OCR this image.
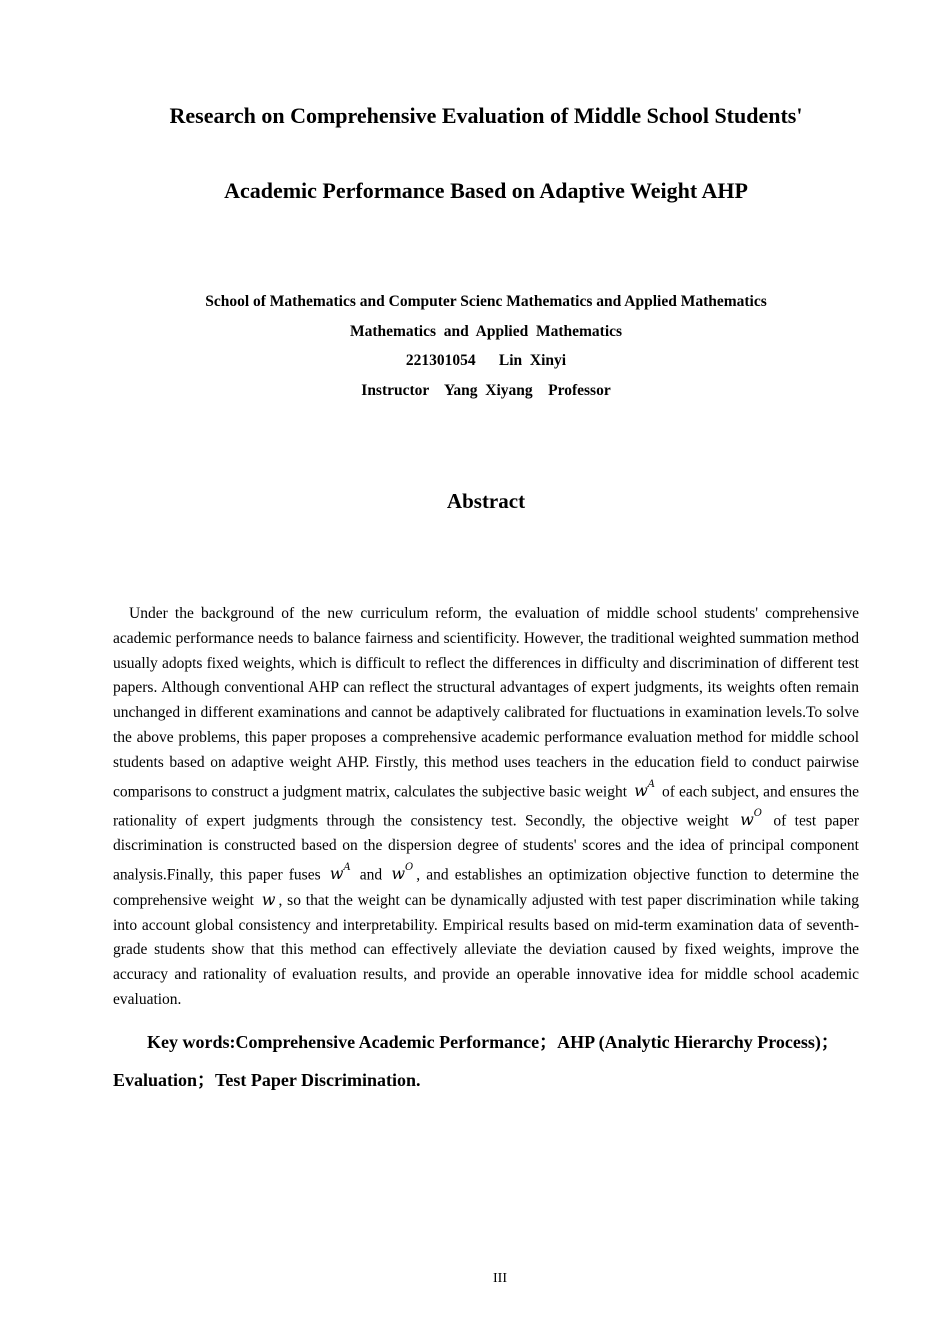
Research on Comprehensive Evaluation of Middle School Students'
Academic Performance Based on Adaptive Weight AHP
School of Mathematics and Computer Scienc Mathematics and Applied Mathematics
Mathematics  and  Applied  Mathematics
221301054      Lin  Xinyi
Instructor    Yang  Xiyang    Professor
Abstract

Under the background of the new curriculum reform, the evaluation of middle school students' comprehensive academic performance needs to balance fairness and scientificity. However, the traditional weighted summation method usually adopts fixed weights, which is difficult to reflect the differences in difficulty and discrimination of different test papers. Although conventional AHP can reflect the structural advantages of expert judgments, its weights often remain unchanged in different examinations and cannot be adaptively calibrated for fluctuations in examination levels.To solve the above problems, this paper proposes a comprehensive academic performance evaluation method for middle school students based on adaptive weight AHP. Firstly, this method uses teachers in the education field to conduct pairwise comparisons to construct a judgment matrix, calculates the subjective basic weight $w^A$ of each subject, and ensures the rationality of expert judgments through the consistency test. Secondly, the objective weight $w^O$ of test paper discrimination is constructed based on the dispersion degree of students' scores and the idea of principal component analysis.Finally, this paper fuses $w^A$ and $w^O$ , and establishes an optimization objective function to determine the comprehensive weight w , so that the weight can be dynamically adjusted with test paper discrimination while taking into account global consistency and interpretability. Empirical results based on mid-term examination data of seventh-grade students show that this method can effectively alleviate the deviation caused by fixed weights, improve the accuracy and rationality of evaluation results, and provide an operable innovative idea for middle school academic evaluation.

Key words:Comprehensive Academic Performance；AHP (Analytic Hierarchy Process)； Evaluation；Test Paper Discrimination.
III
